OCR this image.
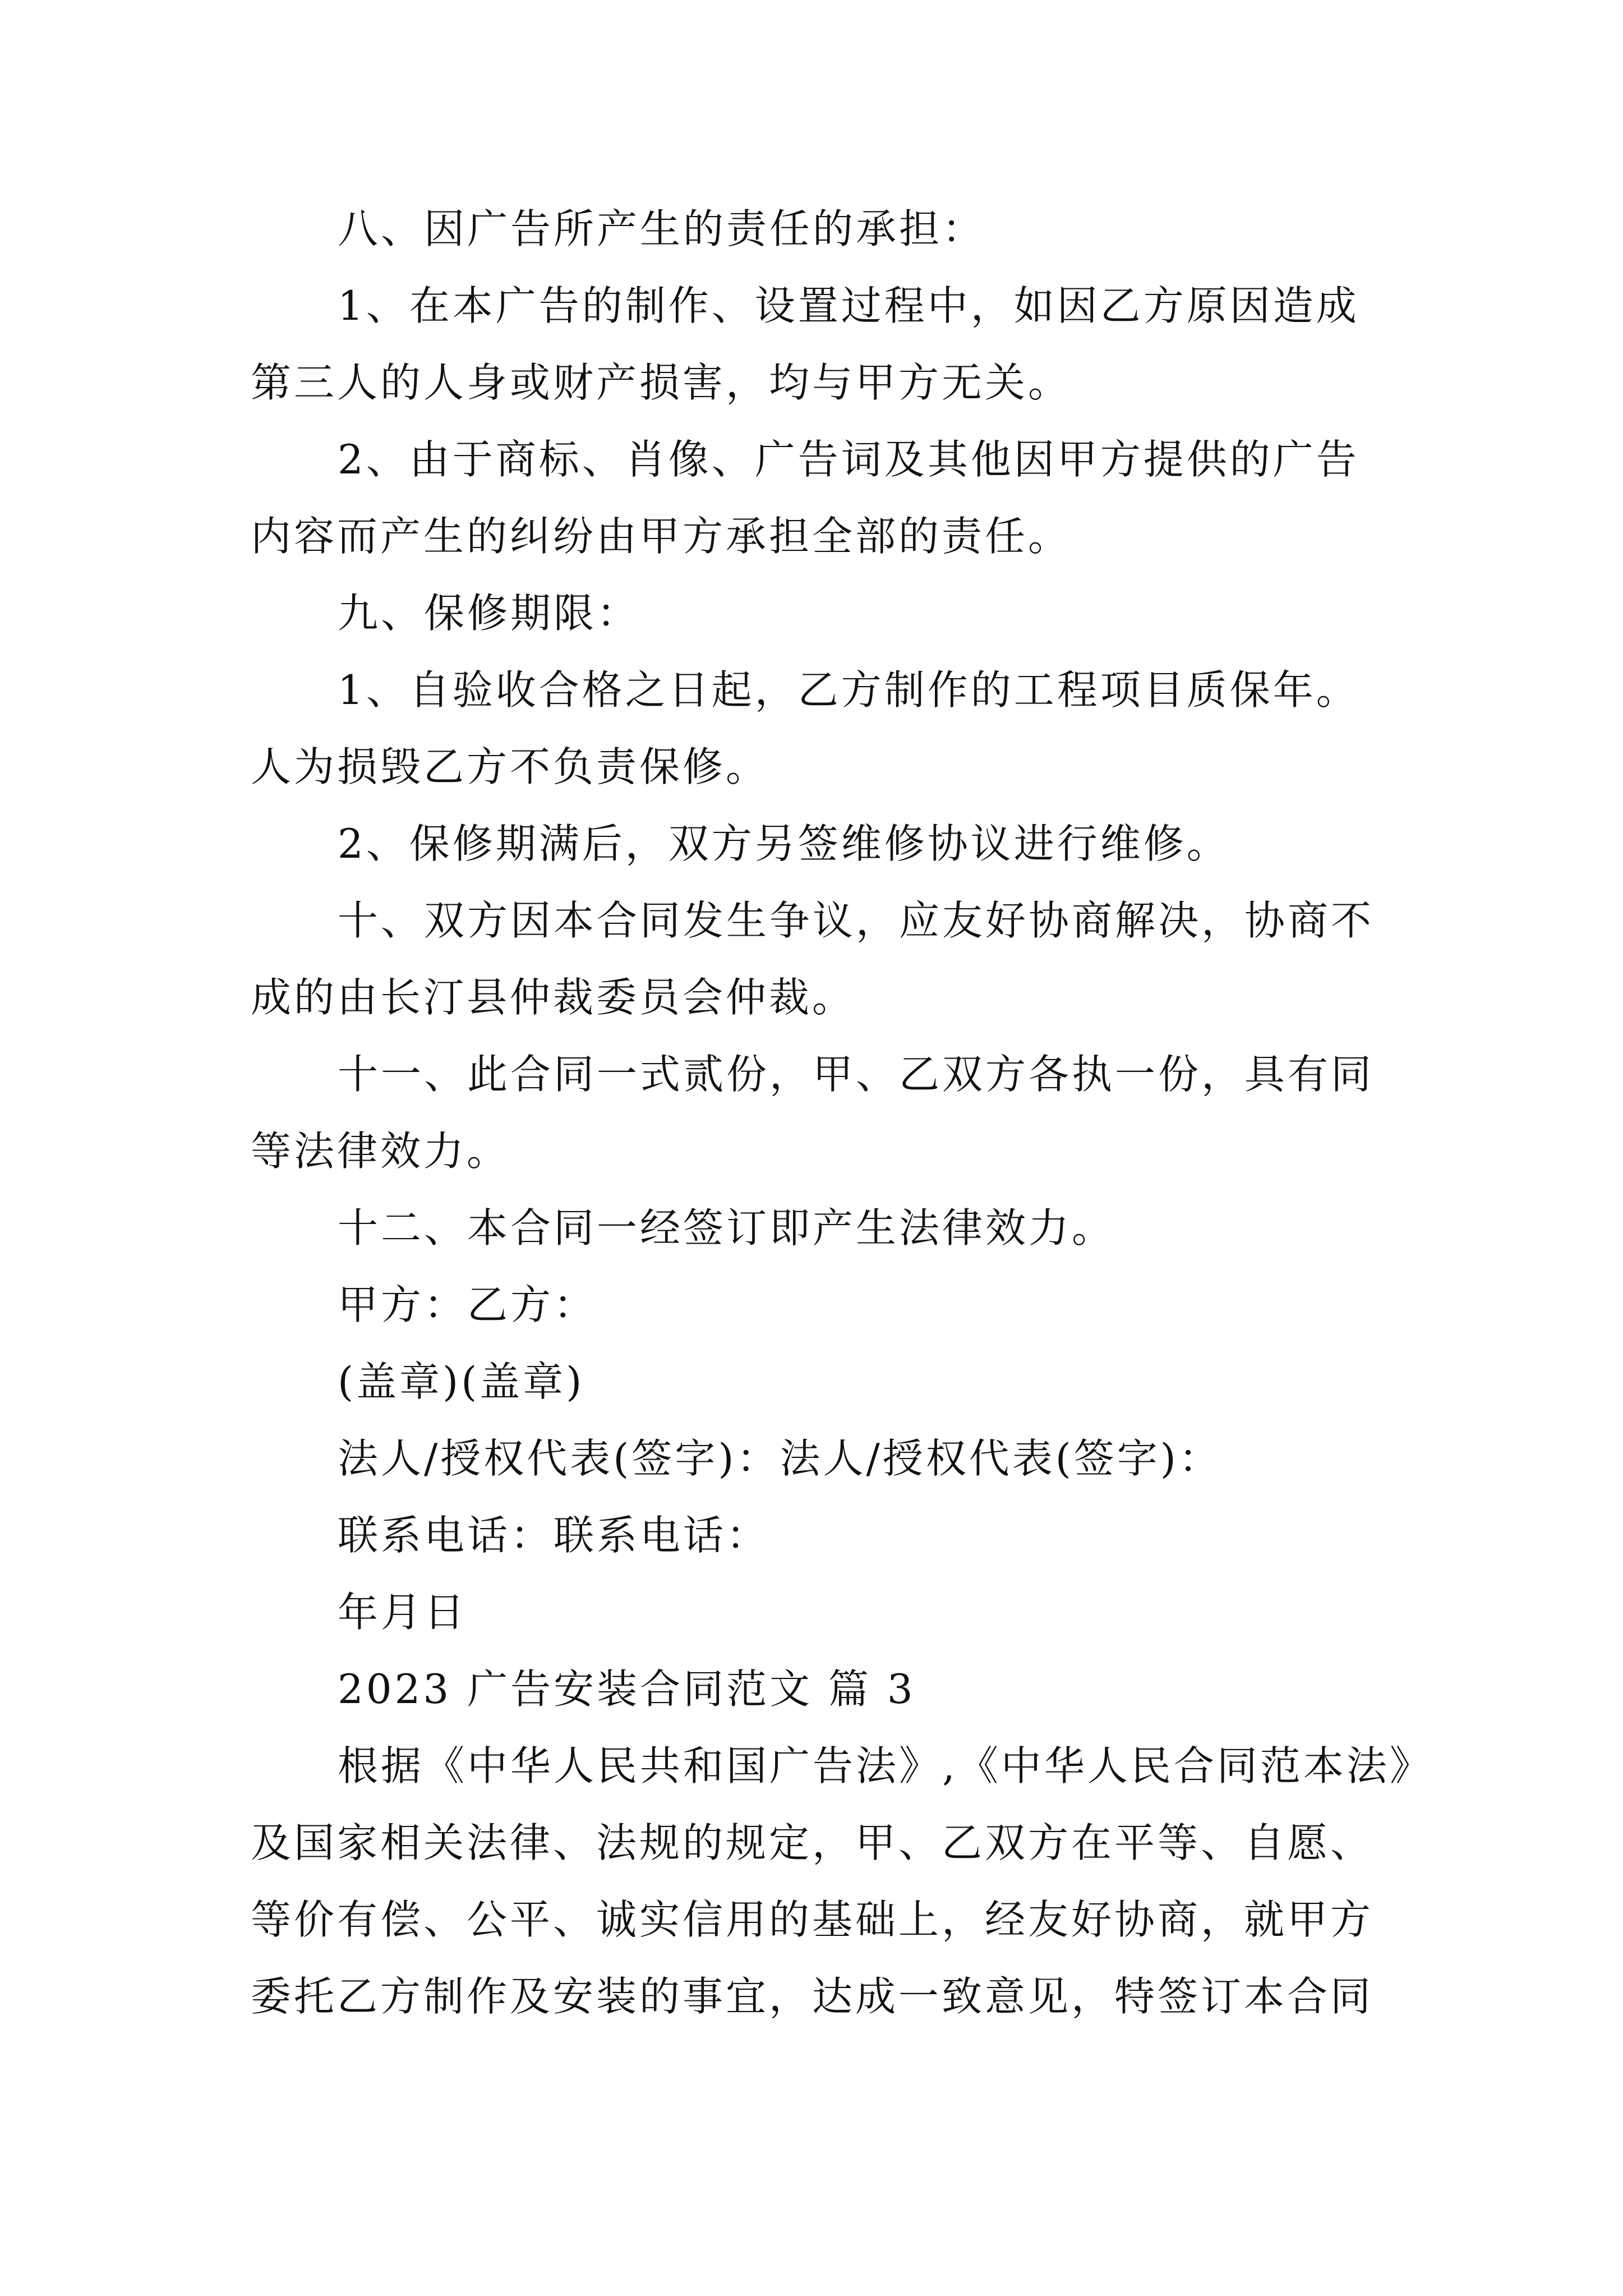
八、因广告所产生的责任的承担：
1、在本广告的制作、设置过程中，如因乙方原因造成
第三人的人身或财产损害，均与甲方无关。
2、由于商标、肖像、广告词及其他因甲方提供的广告
内容而产生的纠纷由甲方承担全部的责任。
九、保修期限：
1、自验收合格之日起，乙方制作的工程项目质保年。
人为损毁乙方不负责保修。
2、保修期满后，双方另签维修协议进行维修。
十、双方因本合同发生争议，应友好协商解决，协商不
成的由长汀县仲裁委员会仲裁。
十一、此合同一式贰份，甲、乙双方各执一份，具有同
等法律效力。
十二、本合同一经签订即产生法律效力。
甲方：乙方：
(盖章)(盖章)
法人/授权代表(签字)：法人/授权代表(签字)：
联系电话：联系电话：
年月日
2023 广告安装合同范文 篇 3
根据《中华人民共和国广告法》,《中华人民合同范本法》
及国家相关法律、法规的规定，甲、乙双方在平等、自愿、
等价有偿、公平、诚实信用的基础上，经友好协商，就甲方
委托乙方制作及安装的事宜，达成一致意见，特签订本合同
